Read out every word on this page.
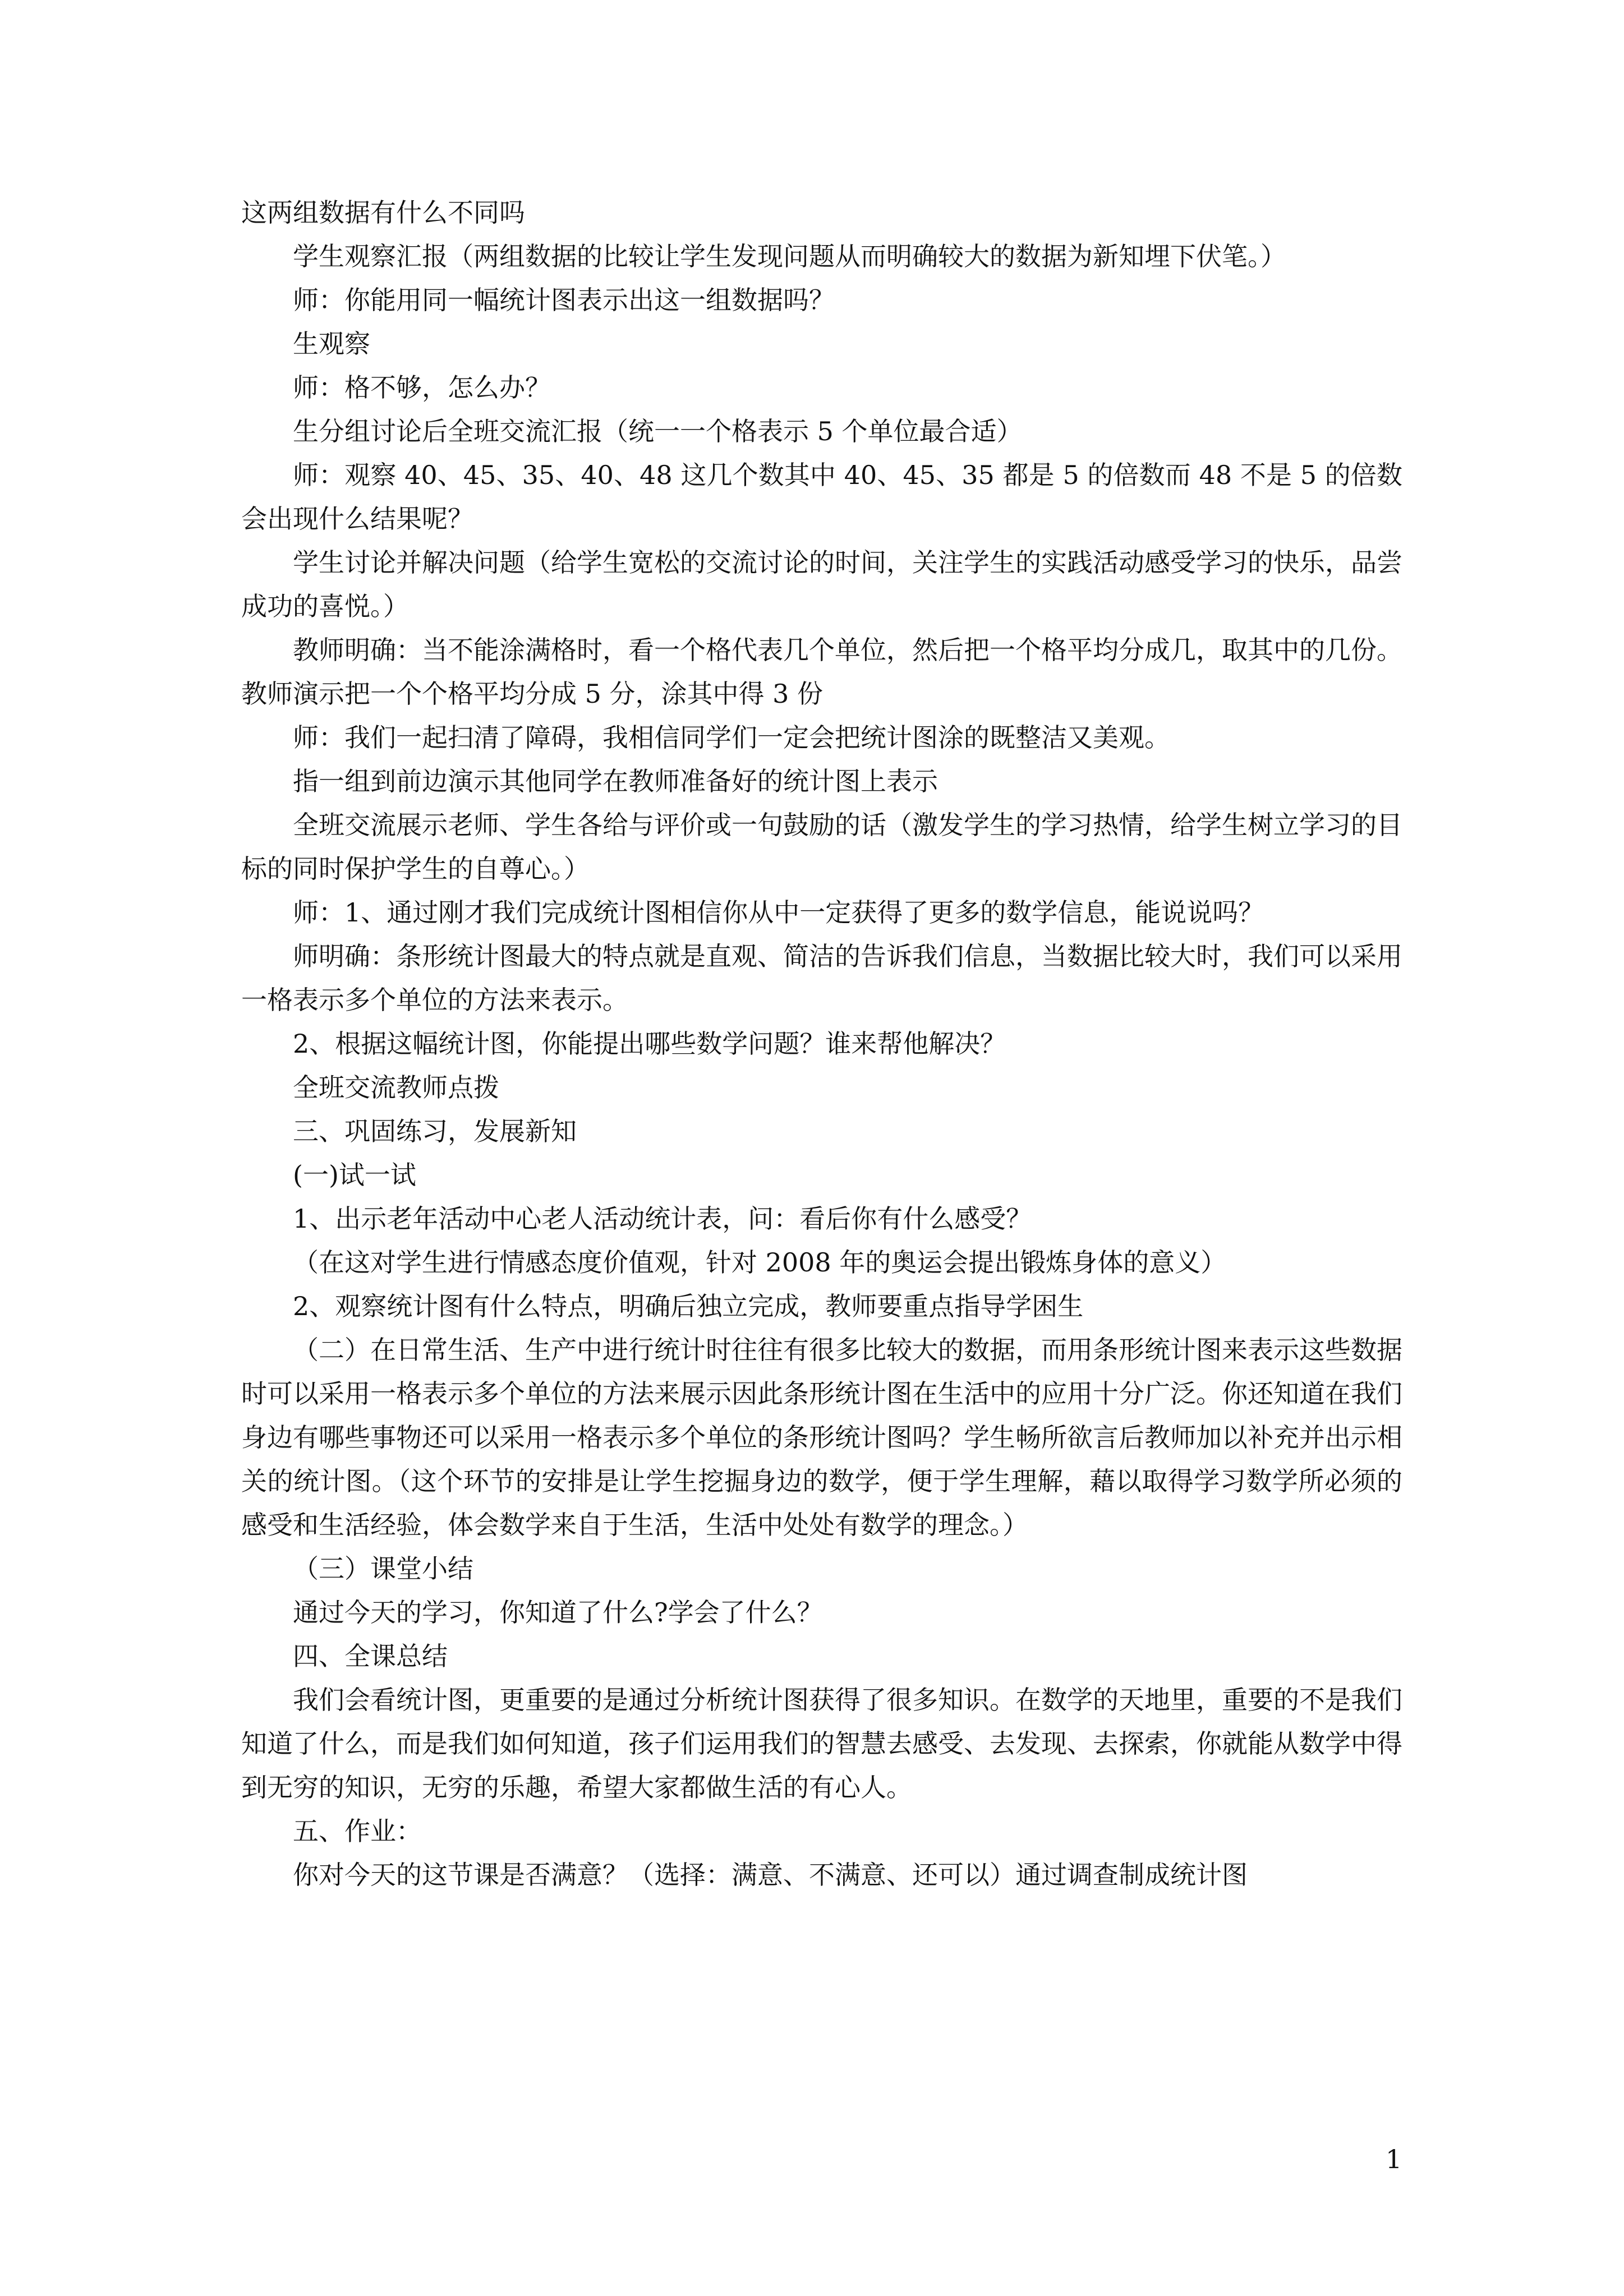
这两组数据有什么不同吗

学生观察汇报（两组数据的比较让学生发现问题从而明确较大的数据为新知埋下伏笔。）

师：你能用同一幅统计图表示出这一组数据吗？

生观察

师：格不够，怎么办？

生分组讨论后全班交流汇报（统一一个格表示 5 个单位最合适）

师：观察 40、45、35、40、48 这几个数其中 40、45、35 都是 5 的倍数而 48 不是 5 的倍数会出现什么结果呢？

学生讨论并解决问题（给学生宽松的交流讨论的时间，关注学生的实践活动感受学习的快乐，品尝成功的喜悦。）

教师明确：当不能涂满格时，看一个格代表几个单位，然后把一个格平均分成几，取其中的几份。教师演示把一个个格平均分成 5 分，涂其中得 3 份

师：我们一起扫清了障碍，我相信同学们一定会把统计图涂的既整洁又美观。

指一组到前边演示其他同学在教师准备好的统计图上表示

全班交流展示老师、学生各给与评价或一句鼓励的话（激发学生的学习热情，给学生树立学习的目标的同时保护学生的自尊心。）

师：1、通过刚才我们完成统计图相信你从中一定获得了更多的数学信息，能说说吗？

师明确：条形统计图最大的特点就是直观、简洁的告诉我们信息，当数据比较大时，我们可以采用一格表示多个单位的方法来表示。

2、根据这幅统计图，你能提出哪些数学问题？谁来帮他解决？

全班交流教师点拨

三、巩固练习，发展新知

(一)试一试

1、出示老年活动中心老人活动统计表，问：看后你有什么感受？

（在这对学生进行情感态度价值观，针对 2008 年的奥运会提出锻炼身体的意义）

2、观察统计图有什么特点，明确后独立完成，教师要重点指导学困生

（二）在日常生活、生产中进行统计时往往有很多比较大的数据，而用条形统计图来表示这些数据时可以采用一格表示多个单位的方法来展示因此条形统计图在生活中的应用十分广泛。你还知道在我们身边有哪些事物还可以采用一格表示多个单位的条形统计图吗？学生畅所欲言后教师加以补充并出示相关的统计图。（这个环节的安排是让学生挖掘身边的数学，便于学生理解，藉以取得学习数学所必须的感受和生活经验，体会数学来自于生活，生活中处处有数学的理念。）

（三）课堂小结

通过今天的学习，你知道了什么?学会了什么？

四、全课总结

我们会看统计图，更重要的是通过分析统计图获得了很多知识。在数学的天地里，重要的不是我们知道了什么，而是我们如何知道，孩子们运用我们的智慧去感受、去发现、去探索，你就能从数学中得到无穷的知识，无穷的乐趣，希望大家都做生活的有心人。

五、作业：

你对今天的这节课是否满意？（选择：满意、不满意、还可以）通过调查制成统计图

1
